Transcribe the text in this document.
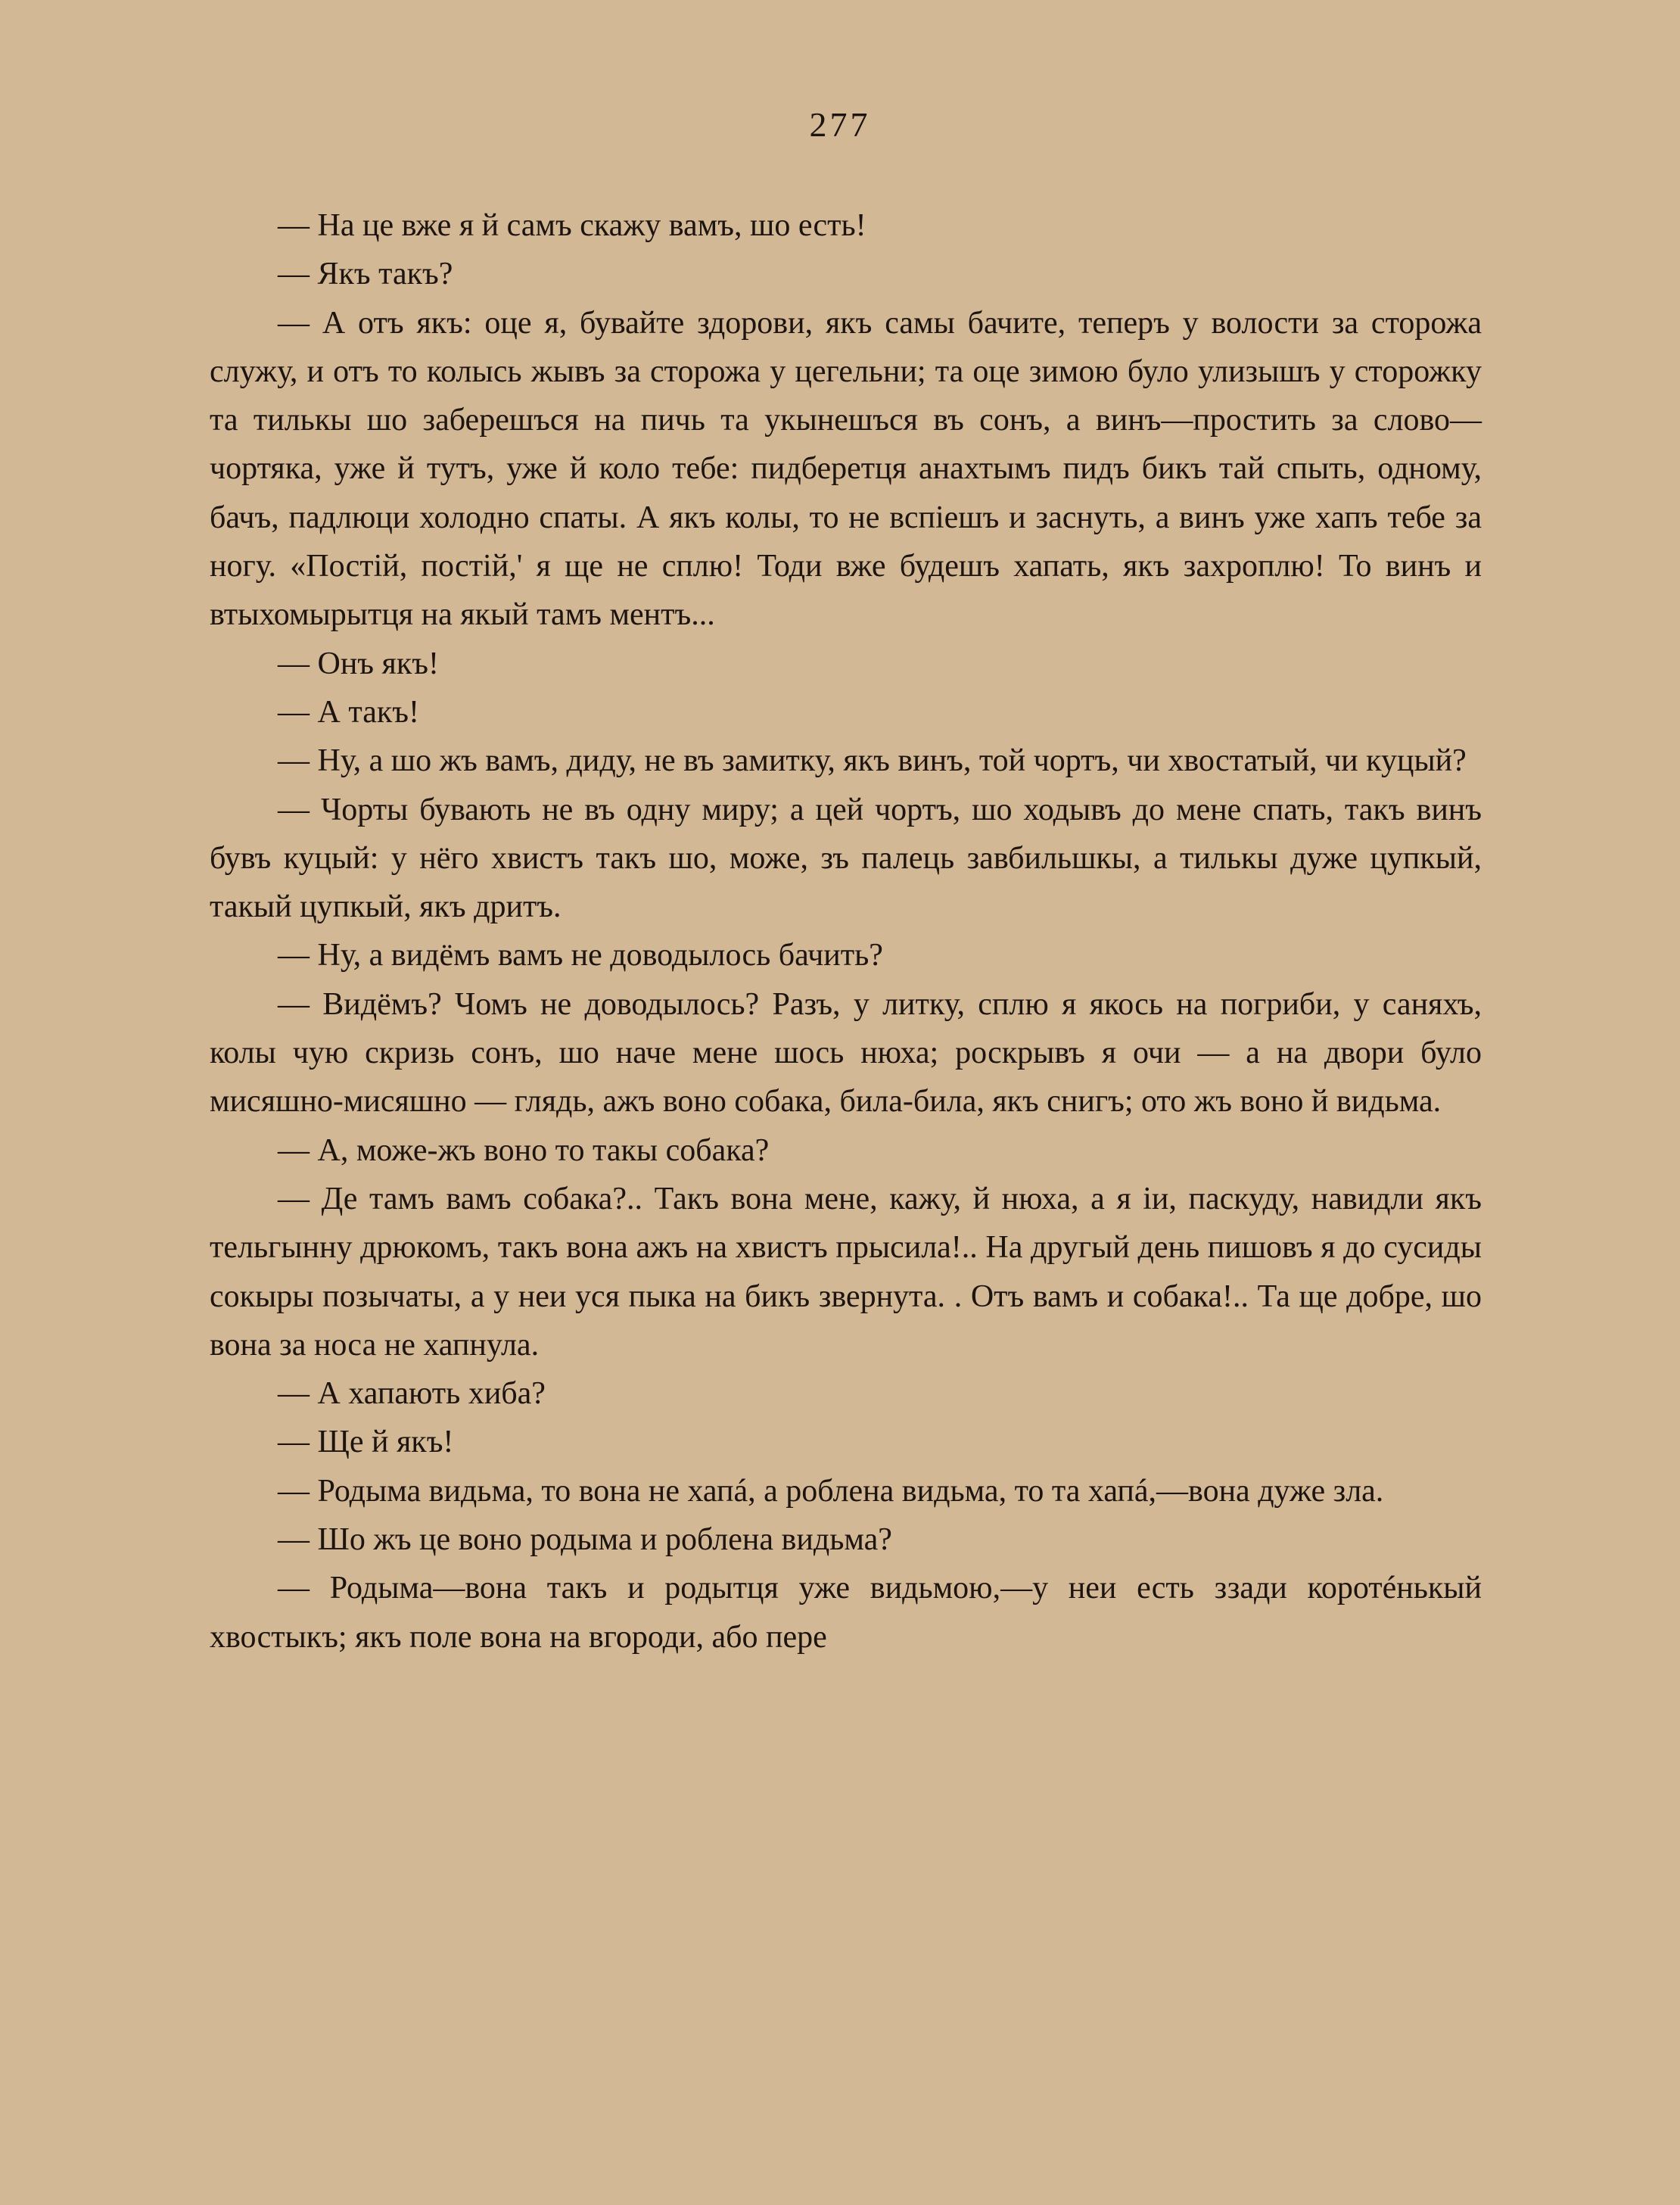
277

— На це вже я й самъ скажу вамъ, шо есть!

— Якъ такъ?

— А отъ якъ: оце я, бувайте здорови, якъ самы бачите, теперъ у волости за сторожа служу, и отъ то колысь жывъ за сторожа у цегельни; та оце зимою було улизышъ у сторожку та тилькы шо заберешъся на пичь та укынешъся въ сонъ, а винъ—простить за слово—чортяка, уже й тутъ, уже й коло тебе: пидберетця анахтымъ пидъ бикъ тай спыть, одному, бачъ, падлюци холодно спаты. А якъ колы, то не вспiешъ и заснуть, а винъ уже хапъ тебе за ногу. «Постiй, постiй,' я ще не сплю! Тоди вже будешъ хапать, якъ захроплю! То винъ и втыхомырытця на якый тамъ ментъ...

— Онъ якъ!

— А такъ!

— Ну, а шо жъ вамъ, диду, не въ замитку, якъ винъ, той чортъ, чи хвостатый, чи куцый?

— Чорты бувають не въ одну миру; а цей чортъ, шо ходывъ до мене спать, такъ винъ бувъ куцый: у нёго хвистъ такъ шо, може, зъ палець завбильшкы, а тилькы дуже цупкый, такый цупкый, якъ дритъ.

— Ну, а видёмъ вамъ не доводылось бачить?

— Видёмъ? Чомъ не доводылось? Разъ, у литку, сплю я якось на погриби, у саняхъ, колы чую скризь сонъ, шо наче мене шось нюха; роскрывъ я очи — а на двори було мисяшно-мисяшно — глядь, ажъ воно собака, била-била, якъ снигъ; ото жъ воно й видьма.

— А, може-жъ воно то такы собака?

— Де тамъ вамъ собака?.. Такъ вона мене, кажу, й нюха, а я iи, паскуду, навидли якъ тельгынну дрюкомъ, такъ вона ажъ на хвистъ прысила!.. На другый день пишовъ я до сусиды сокыры позычаты, а у неи уся пыка на бикъ звернута. . Отъ вамъ и собака!.. Та ще добре, шо вона за носа не хапнула.

— А хапають хиба?

— Ще й якъ!

— Родыма видьма, то вона не хапá, а роблена видьма, то та хапá,—вона дуже зла.

— Шо жъ це воно родыма и роблена видьма?

— Родыма—вона такъ и родытця уже видьмою,—у неи есть ззади коротéнькый хвостыкъ; якъ поле вона на вгороди, або пере
